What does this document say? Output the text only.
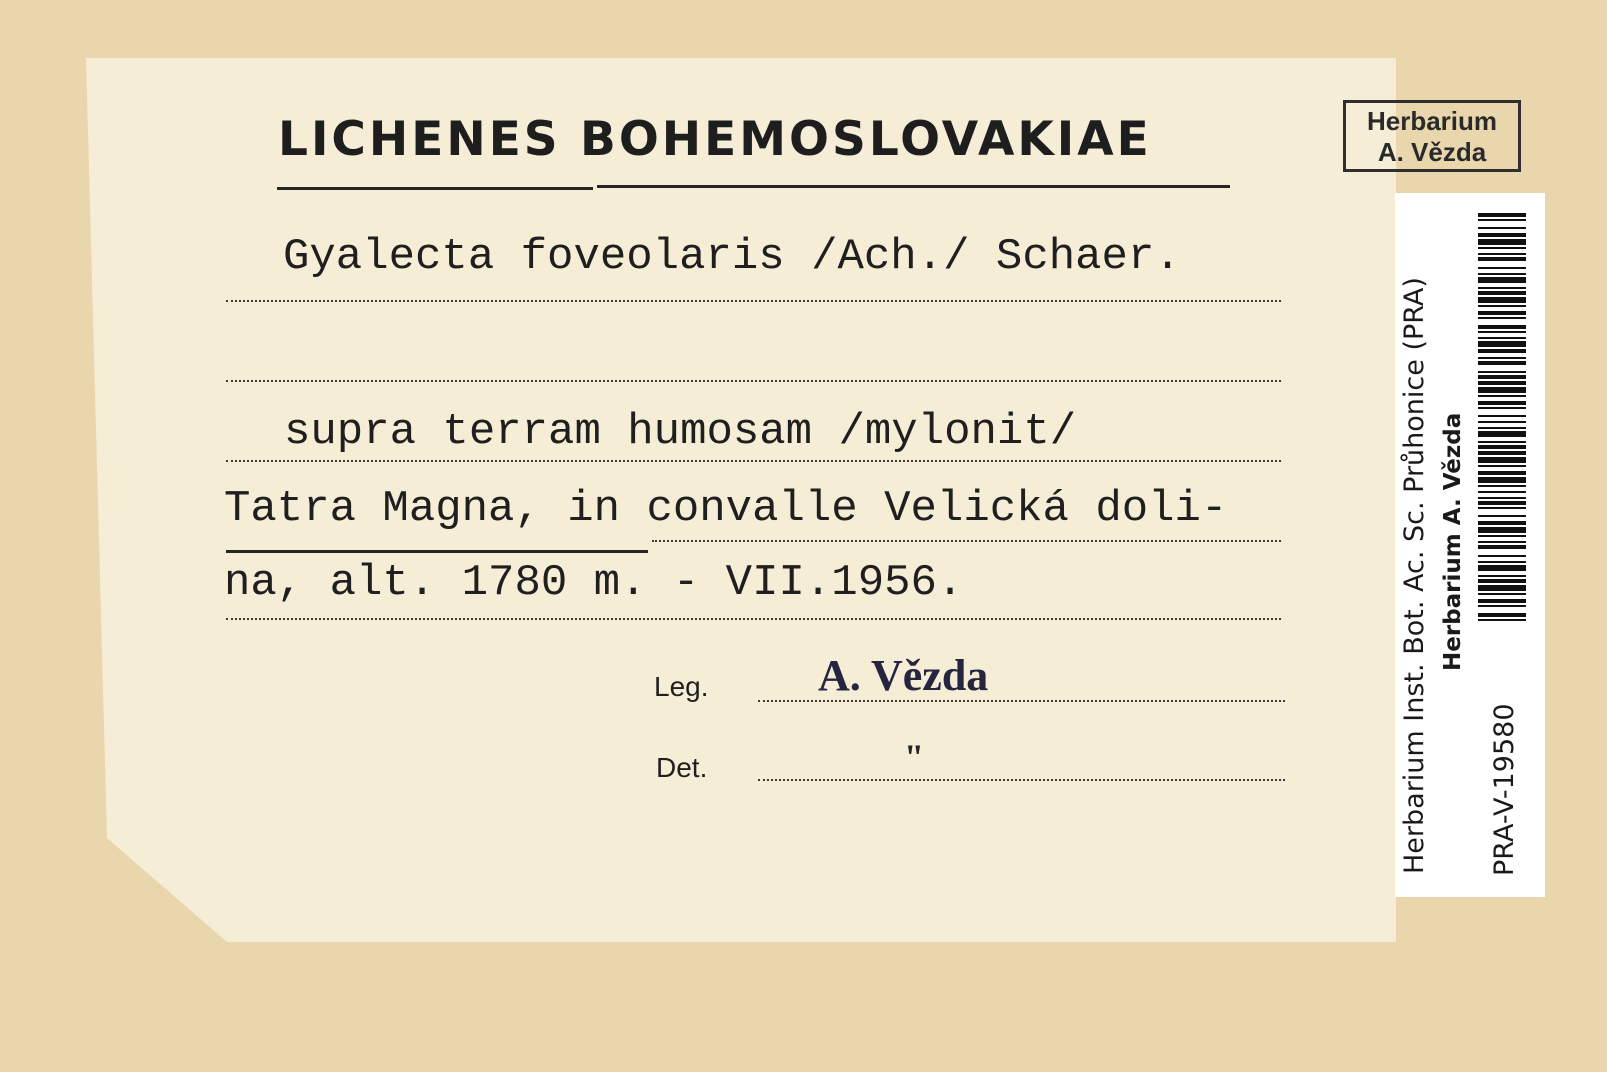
LICHENES BOHEMOSLOVAKIAE
Gyalecta foveolaris /Ach./ Schaer.
supra terram humosam /mylonit/
Tatra Magna, in convalle Velická doli-
na, alt. 1780 m. - VII.1956.
Leg. A. Vězda
Det.	"
Herbarium
A. Vězda
Herbarium Inst. Bot. Ac. Sc. Průhonice (PRA) Herbarium A. Vězda
PRA-V-19580
